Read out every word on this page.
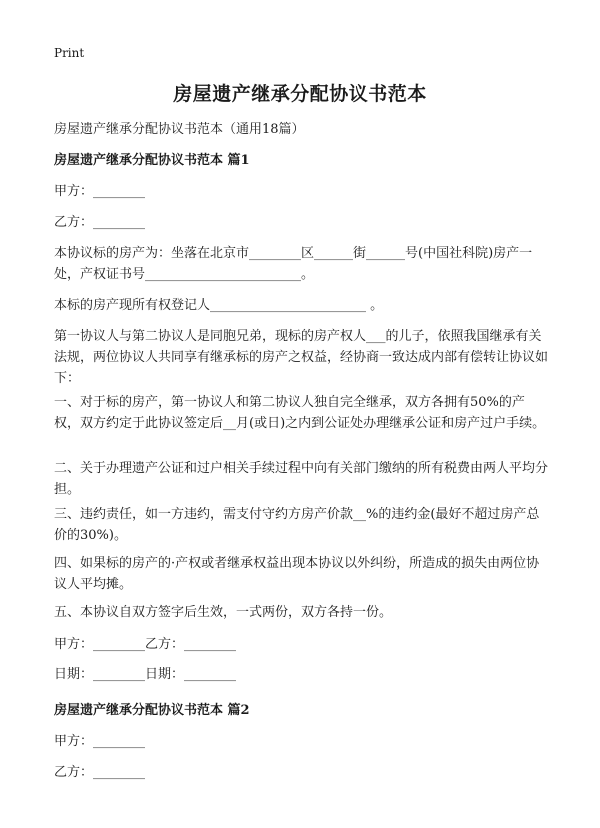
Print
房屋遗产继承分配协议书范本

房屋遗产继承分配协议书范本（通用18篇）

房屋遗产继承分配协议书范本 篇1

甲方：________

乙方：________

本协议标的房产为：坐落在北京市________区______街______号(中国社科院)房产一处，产权证书号________________________。

本标的房产现所有权登记人________________________ 。

第一协议人与第二协议人是同胞兄弟，现标的房产权人___的儿子，依照我国继承有关法规，两位协议人共同享有继承标的房产之权益，经协商一致达成内部有偿转让协议如下：

一、对于标的房产，第一协议人和第二协议人独自完全继承，双方各拥有50%的产权，双方约定于此协议签定后__月(或日)之内到公证处办理继承公证和房产过户手续。

二、关于办理遗产公证和过户相关手续过程中向有关部门缴纳的所有税费由两人平均分担。

三、违约责任，如一方违约，需支付守约方房产价款__%的违约金(最好不超过房产总价的30%)。

四、如果标的房产的·产权或者继承权益出现本协议以外纠纷，所造成的损失由两位协议人平均摊。

五、本协议自双方签字后生效，一式两份，双方各持一份。

甲方：________乙方：________

日期：________日期：________

房屋遗产继承分配协议书范本 篇2

甲方：________

乙方：________
